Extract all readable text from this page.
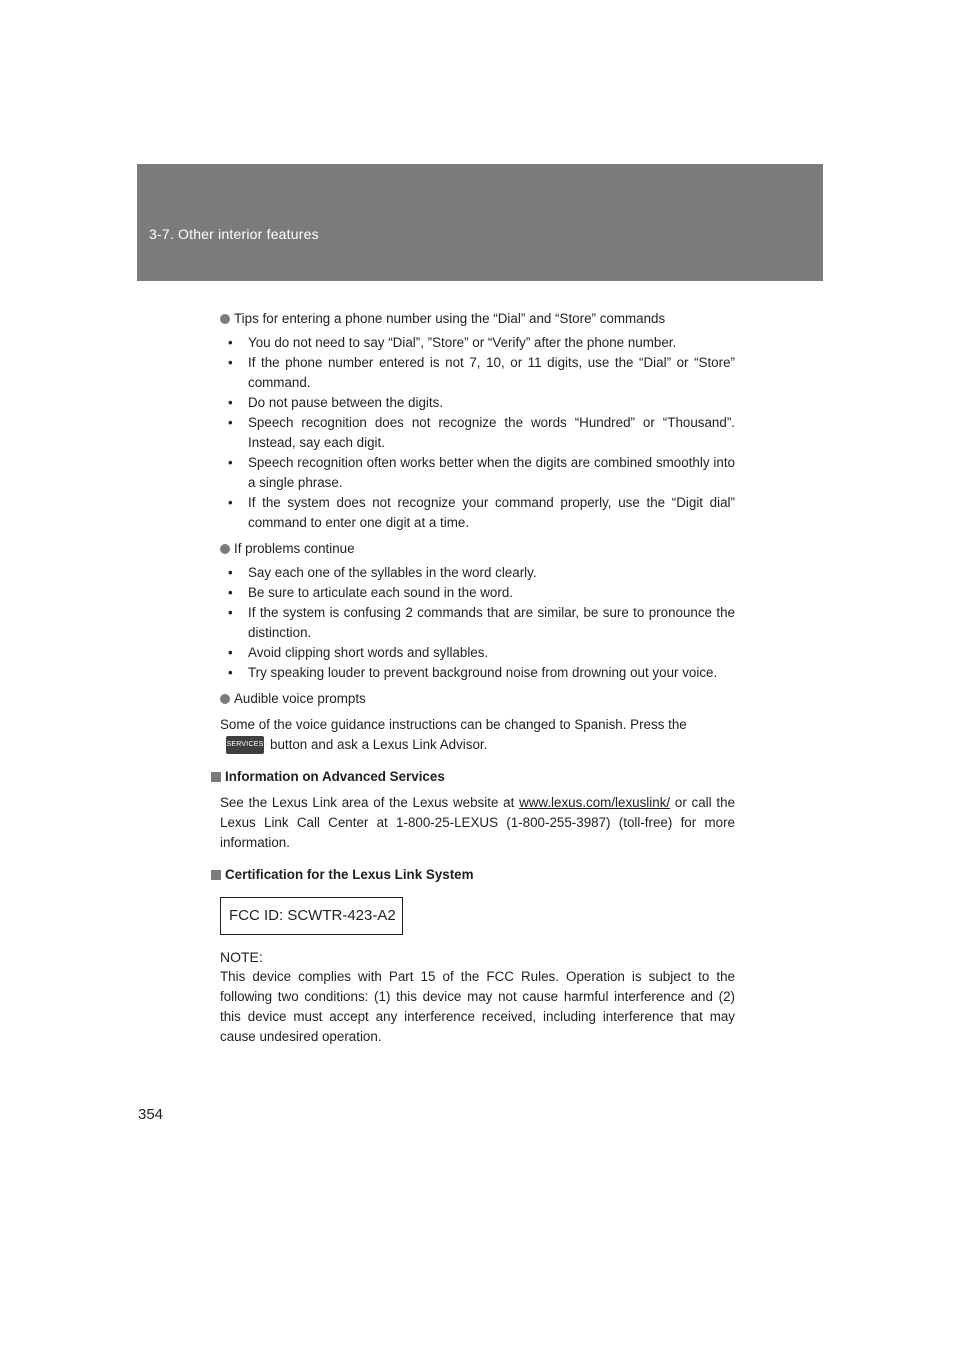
3-7. Other interior features
Tips for entering a phone number using the “Dial” and “Store” commands
• You do not need to say “Dial”, ”Store” or “Verify” after the phone number.
• If the phone number entered is not 7, 10, or 11 digits, use the “Dial” or “Store” command.
• Do not pause between the digits.
• Speech recognition does not recognize the words “Hundred” or “Thousand”. Instead, say each digit.
• Speech recognition often works better when the digits are combined smoothly into a single phrase.
• If the system does not recognize your command properly, use the “Digit dial” command to enter one digit at a time.
If problems continue
• Say each one of the syllables in the word clearly.
• Be sure to articulate each sound in the word.
• If the system is confusing 2 commands that are similar, be sure to pronounce the distinction.
• Avoid clipping short words and syllables.
• Try speaking louder to prevent background noise from drowning out your voice.
Audible voice prompts

Some of the voice guidance instructions can be changed to Spanish. Press the
SERVICES button and ask a Lexus Link Advisor.

Information on Advanced Services

See the Lexus Link area of the Lexus website at www.lexus.com/lexuslink/ or call the Lexus Link Call Center at 1-800-25-LEXUS (1-800-255-3987) (toll-free) for more information.

Certification for the Lexus Link System
FCC ID: SCWTR-423-A2

NOTE:

This device complies with Part 15 of the FCC Rules. Operation is subject to the following two conditions: (1) this device may not cause harmful interference and (2) this device must accept any interference received, including interference that may cause undesired operation.

354
